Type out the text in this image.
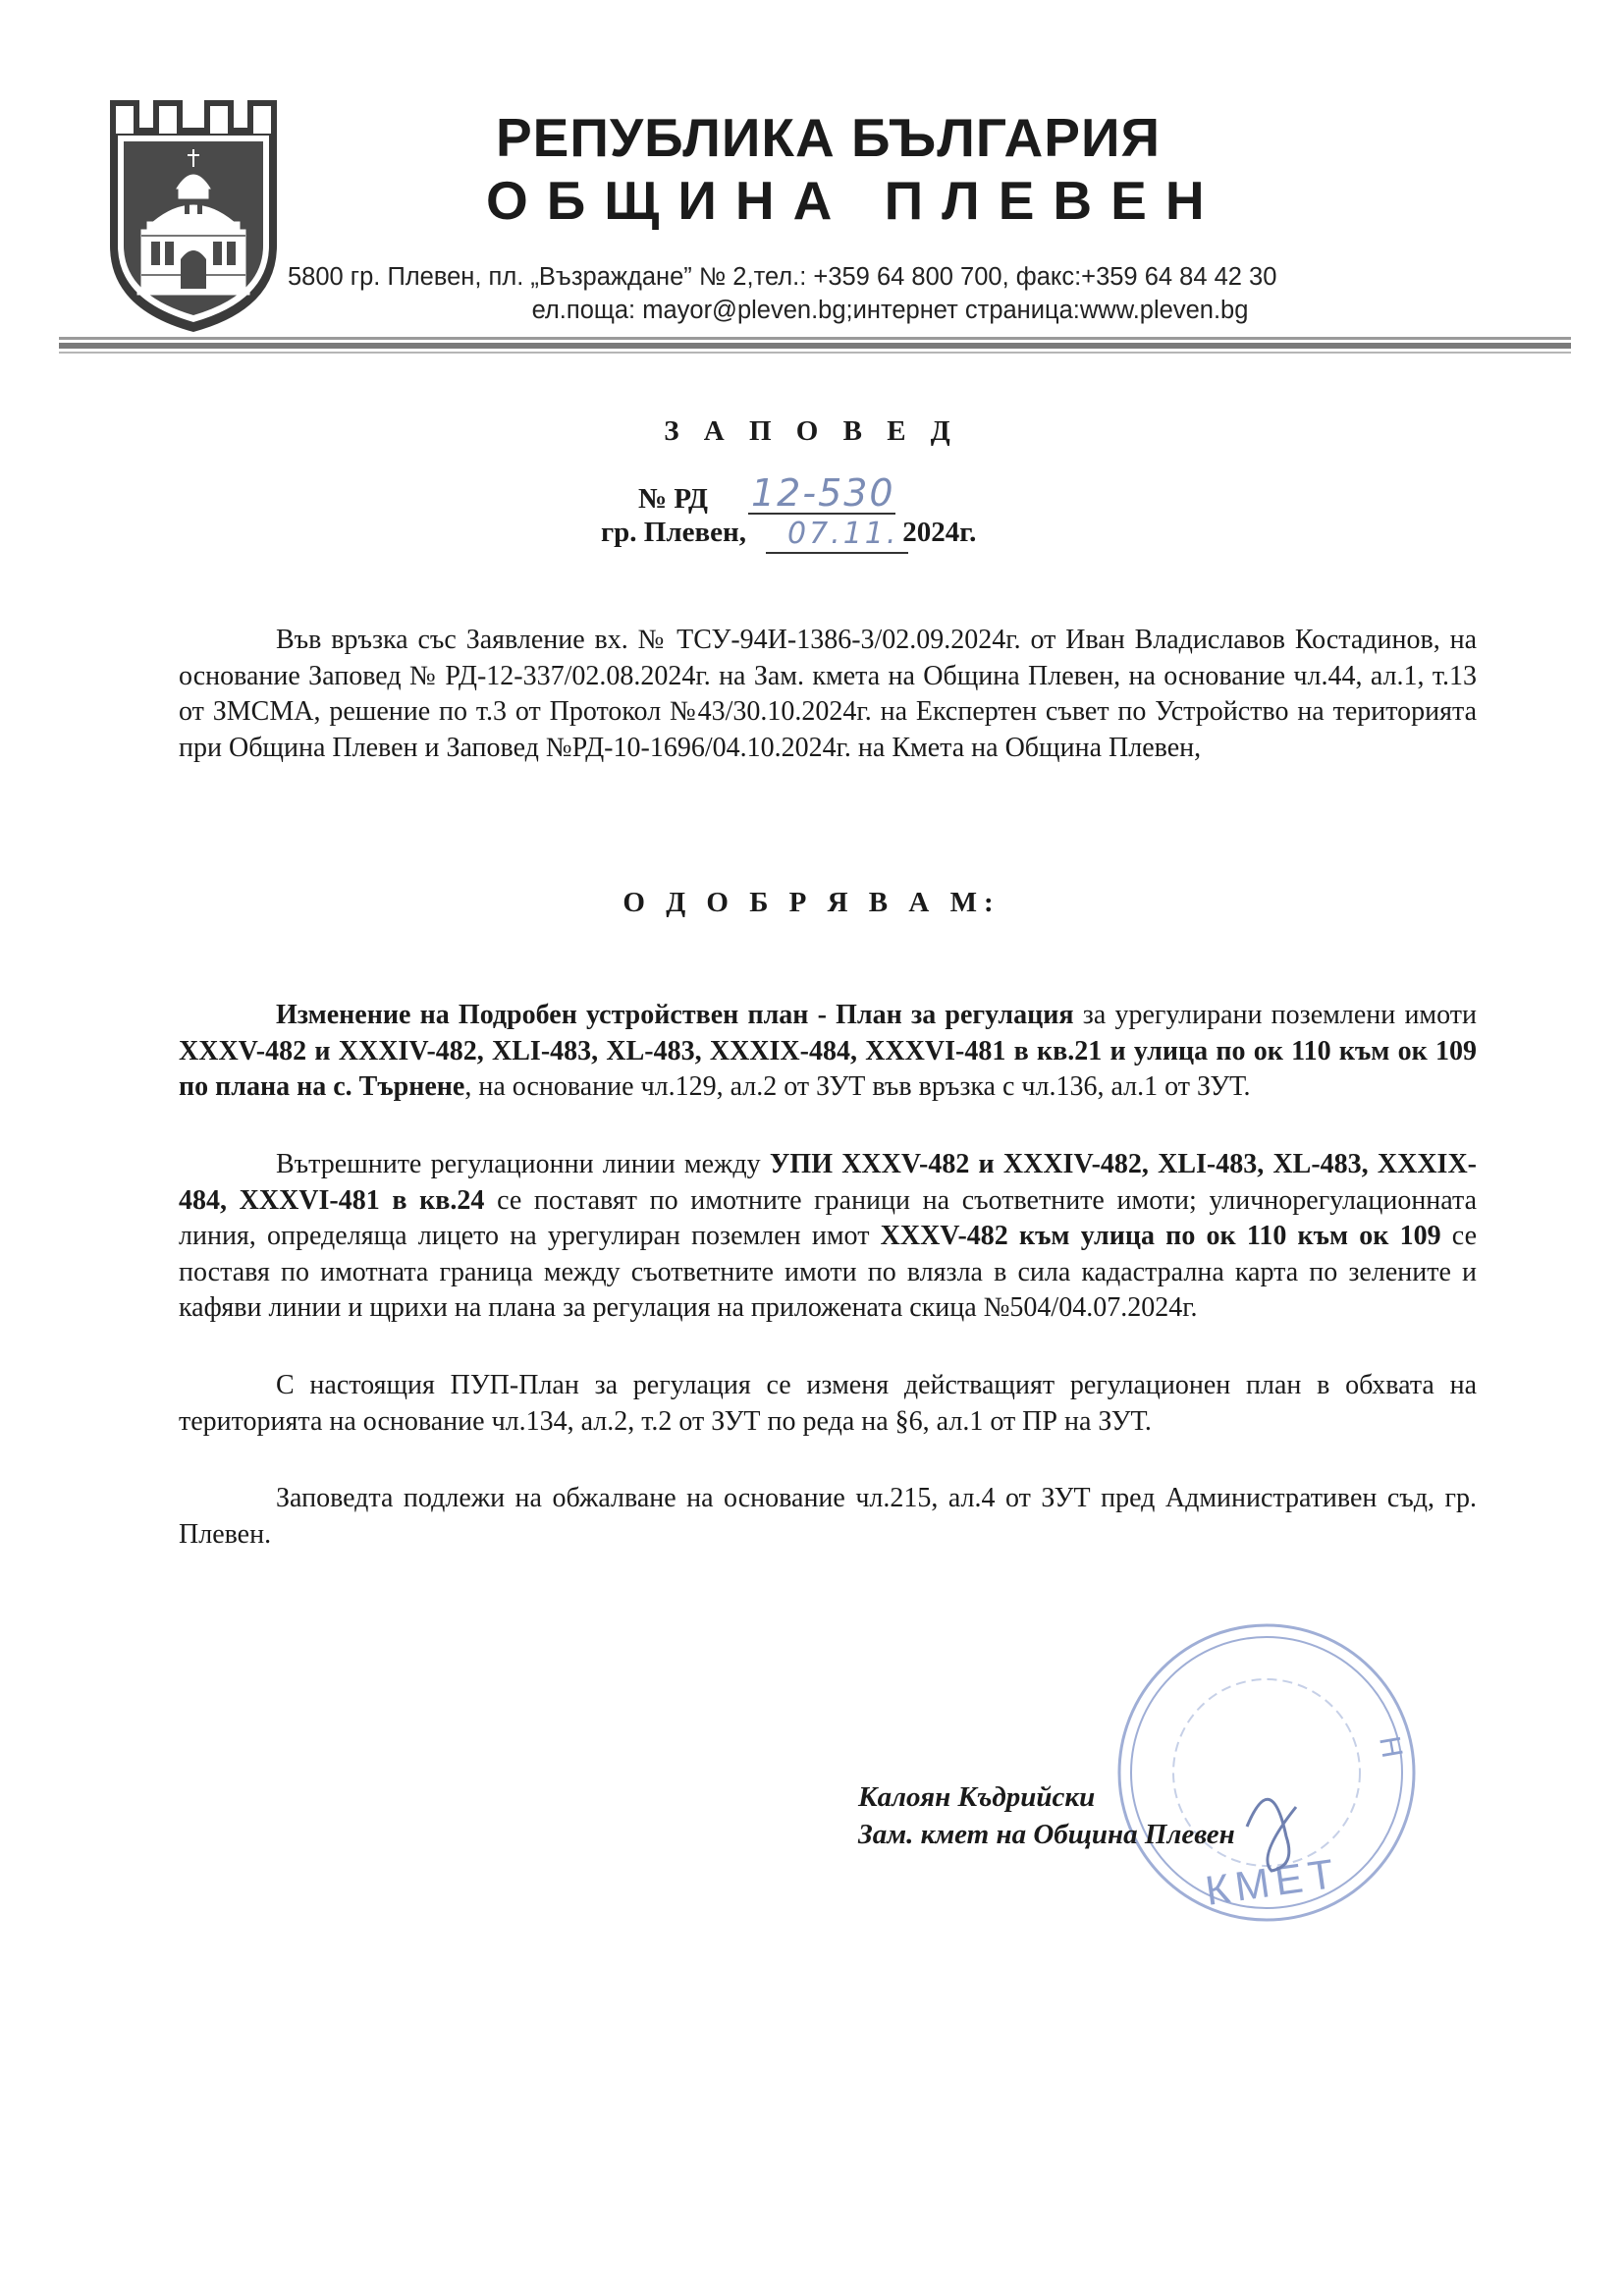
РЕПУБЛИКА БЪЛГАРИЯ
ОБЩИНА ПЛЕВЕН
5800 гр. Плевен, пл. „Възраждане” № 2,тел.: +359 64 800 700, факс:+359 64 84 42 30
ел.поща: mayor@pleven.bg;интернет страница:www.pleven.bg
З А П О В Е Д
№ РД 12-530
гр. Плевен,	2024г.
07.11.
Във връзка със Заявление вх. № ТСУ-94И-1386-3/02.09.2024г. от Иван Владиславов Костадинов, на основание Заповед № РД-12-337/02.08.2024г. на Зам. кмета на Община Плевен, на основание чл.44, ал.1, т.13 от ЗМСМА, решение по т.3 от Протокол №43/30.10.2024г. на Експертен съвет по Устройство на територията при Община Плевен и Заповед №РД-10-1696/04.10.2024г. на Кмета на Община Плевен,
О Д О Б Р Я В А М:
Изменение на Подробен устройствен план - План за регулация за урегулирани поземлени имоти XXXV-482 и XXXIV-482, XLI-483, XL-483, XXXIX-484, XXXVI-481 в кв.21 и улица по ок 110 към ок 109 по плана на с. Търнене, на основание чл.129, ал.2 от ЗУТ във връзка с чл.136, ал.1 от ЗУТ.
Вътрешните регулационни линии между УПИ XXXV-482 и XXXIV-482, XLI-483, XL-483, XXXIX-484, XXXVI-481 в кв.24 се поставят по имотните граници на съответните имоти; уличнорегулационната линия, определяща лицето на урегулиран поземлен имот XXXV-482 към улица по ок 110 към ок 109 се поставя по имотната граница между съответните имоти по влязла в сила кадастрална карта по зелените и кафяви линии и щрихи на плана за регулация на приложената скица №504/04.07.2024г.
С настоящия ПУП-План за регулация се изменя действащият регулационен план в обхвата на територията на основание чл.134, ал.2, т.2 от ЗУТ по реда на §6, ал.1 от ПР на ЗУТ.
Заповедта подлежи на обжалване на основание чл.215, ал.4 от ЗУТ пред Административен съд, гр. Плевен.
Н
КМЕТ
Калоян Къдрийски
Зам. кмет на Община Плевен
